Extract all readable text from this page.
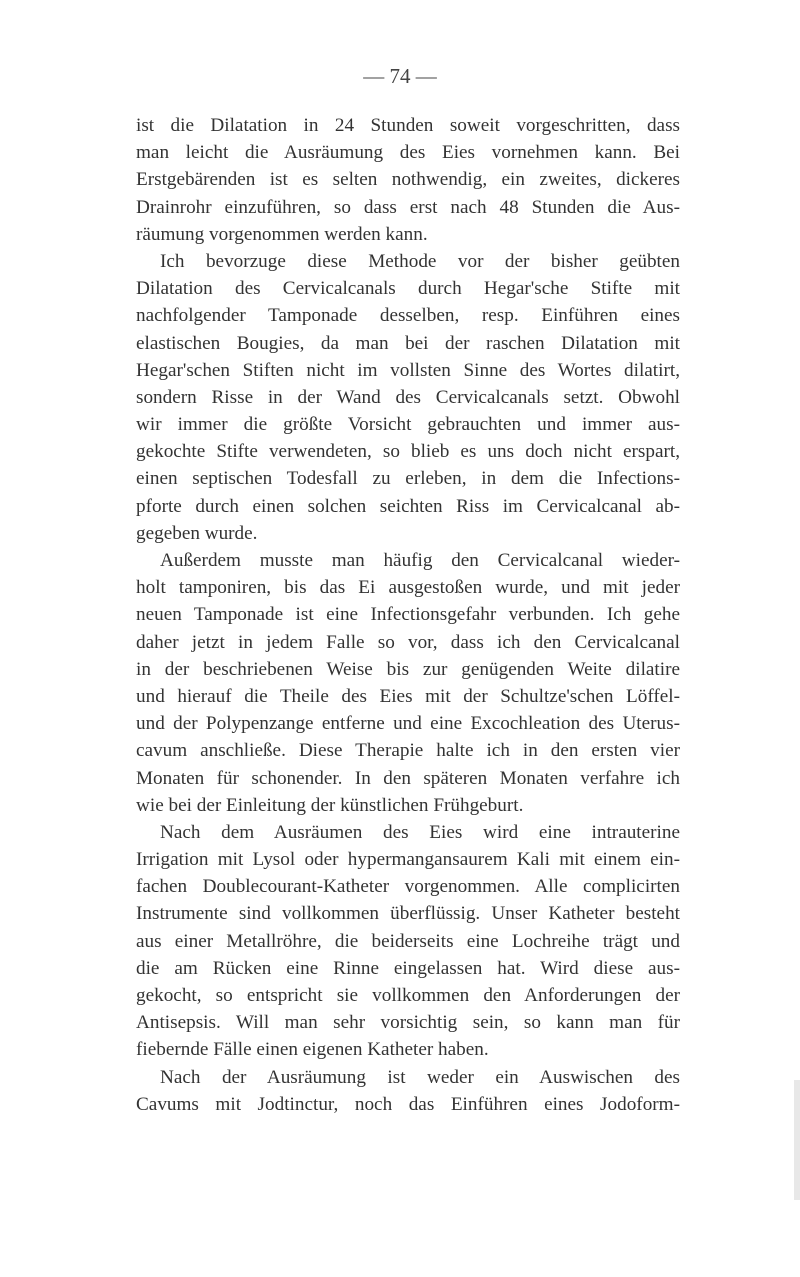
— 74 —
ist die Dilatation in 24 Stunden soweit vorgeschritten, dass
man leicht die Ausräumung des Eies vornehmen kann. Bei
Erstgebärenden ist es selten nothwendig, ein zweites, dickeres
Drainrohr einzuführen, so dass erst nach 48 Stunden die Aus-
räumung vorgenommen werden kann.
Ich bevorzuge diese Methode vor der bisher geübten
Dilatation des Cervicalcanals durch Hegar'sche Stifte mit
nachfolgender Tamponade desselben, resp. Einführen eines
elastischen Bougies, da man bei der raschen Dilatation mit
Hegar'schen Stiften nicht im vollsten Sinne des Wortes dilatirt,
sondern Risse in der Wand des Cervicalcanals setzt. Obwohl
wir immer die größte Vorsicht gebrauchten und immer aus-
gekochte Stifte verwendeten, so blieb es uns doch nicht erspart,
einen septischen Todesfall zu erleben, in dem die Infections-
pforte durch einen solchen seichten Riss im Cervicalcanal ab-
gegeben wurde.
Außerdem musste man häufig den Cervicalcanal wieder-
holt tamponiren, bis das Ei ausgestoßen wurde, und mit jeder
neuen Tamponade ist eine Infectionsgefahr verbunden. Ich gehe
daher jetzt in jedem Falle so vor, dass ich den Cervicalcanal
in der beschriebenen Weise bis zur genügenden Weite dilatire
und hierauf die Theile des Eies mit der Schultze'schen Löffel-
und der Polypenzange entferne und eine Excochleation des Uterus-
cavum anschließe. Diese Therapie halte ich in den ersten vier
Monaten für schonender. In den späteren Monaten verfahre ich
wie bei der Einleitung der künstlichen Frühgeburt.
Nach dem Ausräumen des Eies wird eine intrauterine
Irrigation mit Lysol oder hypermangansaurem Kali mit einem ein-
fachen Doublecourant-Katheter vorgenommen. Alle complicirten
Instrumente sind vollkommen überflüssig. Unser Katheter besteht
aus einer Metallröhre, die beiderseits eine Lochreihe trägt und
die am Rücken eine Rinne eingelassen hat. Wird diese aus-
gekocht, so entspricht sie vollkommen den Anforderungen der
Antisepsis. Will man sehr vorsichtig sein, so kann man für
fiebernde Fälle einen eigenen Katheter haben.
Nach der Ausräumung ist weder ein Auswischen des
Cavums mit Jodtinctur, noch das Einführen eines Jodoform-
